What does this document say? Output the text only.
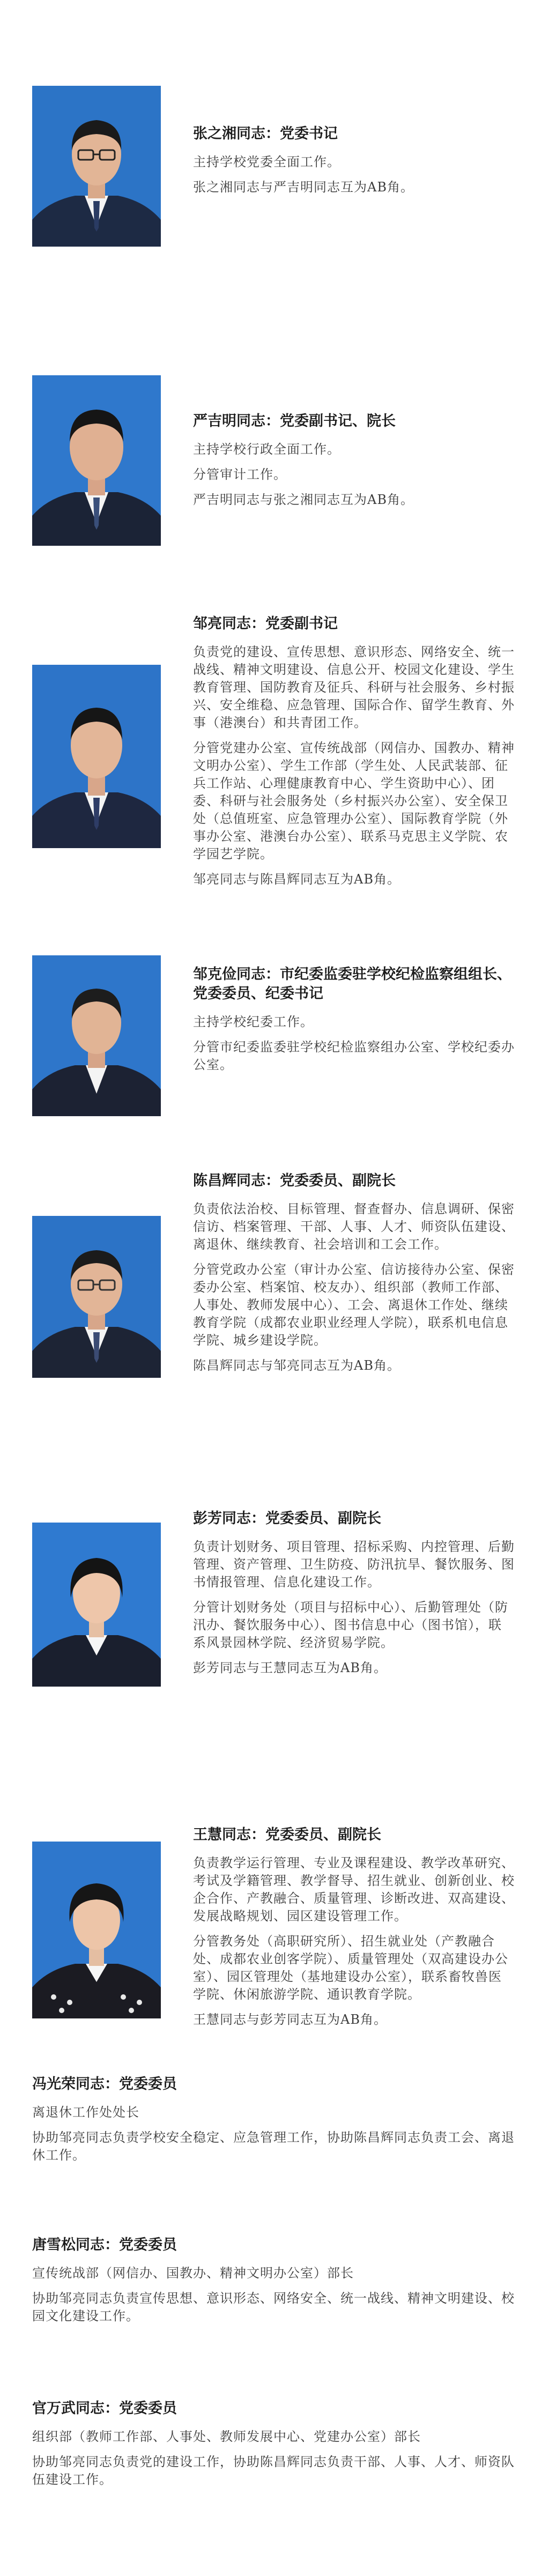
张之湘同志：党委书记

主持学校党委全面工作。

张之湘同志与严吉明同志互为AB角。

严吉明同志：党委副书记、院长

主持学校行政全面工作。

分管审计工作。

严吉明同志与张之湘同志互为AB角。

邹亮同志：党委副书记

负责党的建设、宣传思想、意识形态、网络安全、统一战线、精神文明建设、信息公开、校园文化建设、学生教育管理、国防教育及征兵、科研与社会服务、乡村振兴、安全维稳、应急管理、国际合作、留学生教育、外事（港澳台）和共青团工作。

分管党建办公室、宣传统战部（网信办、国教办、精神文明办公室）、学生工作部（学生处、人民武装部、征兵工作站、心理健康教育中心、学生资助中心）、团委、科研与社会服务处（乡村振兴办公室）、安全保卫处（总值班室、应急管理办公室）、国际教育学院（外事办公室、港澳台办公室）、联系马克思主义学院、农学园艺学院。

邹亮同志与陈昌辉同志互为AB角。

邹克俭同志：市纪委监委驻学校纪检监察组组长、党委委员、纪委书记

主持学校纪委工作。

分管市纪委监委驻学校纪检监察组办公室、学校纪委办公室。

陈昌辉同志：党委委员、副院长

负责依法治校、目标管理、督查督办、信息调研、保密信访、档案管理、干部、人事、人才、师资队伍建设、离退休、继续教育、社会培训和工会工作。

分管党政办公室（审计办公室、信访接待办公室、保密委办公室、档案馆、校友办）、组织部（教师工作部、人事处、教师发展中心）、工会、离退休工作处、继续教育学院（成都农业职业经理人学院），联系机电信息学院、城乡建设学院。

陈昌辉同志与邹亮同志互为AB角。

彭芳同志：党委委员、副院长

负责计划财务、项目管理、招标采购、内控管理、后勤管理、资产管理、卫生防疫、防汛抗旱、餐饮服务、图书情报管理、信息化建设工作。

分管计划财务处（项目与招标中心）、后勤管理处（防汛办、餐饮服务中心）、图书信息中心（图书馆），联系风景园林学院、经济贸易学院。

彭芳同志与王慧同志互为AB角。

王慧同志：党委委员、副院长

负责教学运行管理、专业及课程建设、教学改革研究、考试及学籍管理、教学督导、招生就业、创新创业、校企合作、产教融合、质量管理、诊断改进、双高建设、发展战略规划、园区建设管理工作。

分管教务处（高职研究所）、招生就业处（产教融合处、成都农业创客学院）、质量管理处（双高建设办公室）、园区管理处（基地建设办公室），联系畜牧兽医学院、休闲旅游学院、通识教育学院。

王慧同志与彭芳同志互为AB角。

冯光荣同志：党委委员

离退休工作处处长

协助邹亮同志负责学校安全稳定、应急管理工作，协助陈昌辉同志负责工会、离退休工作。

唐雪松同志：党委委员

宣传统战部（网信办、国教办、精神文明办公室）部长

协助邹亮同志负责宣传思想、意识形态、网络安全、统一战线、精神文明建设、校园文化建设工作。

官万武同志：党委委员

组织部（教师工作部、人事处、教师发展中心、党建办公室）部长

协助邹亮同志负责党的建设工作，协助陈昌辉同志负责干部、人事、人才、师资队伍建设工作。
